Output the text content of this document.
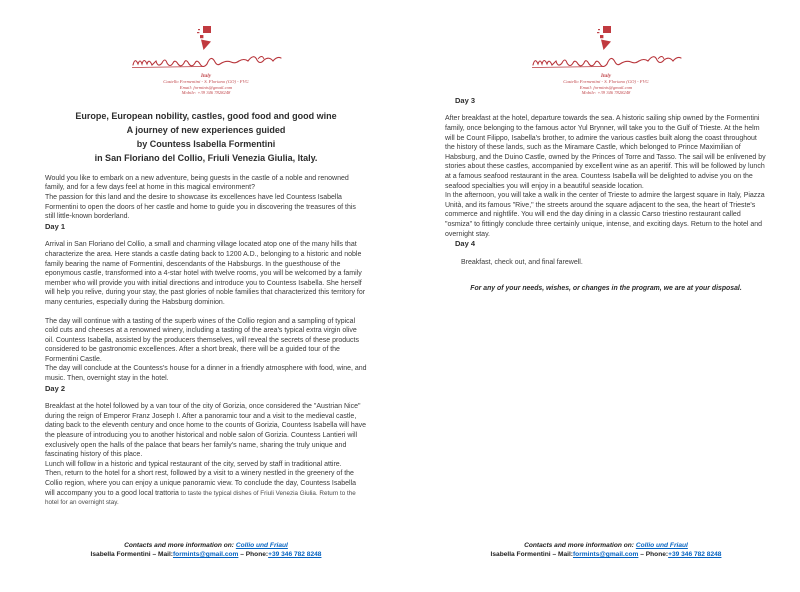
Italy
Castello Formentini - S. Floriano (GO) - FVG
Email: formints@gmail.com
Mobile: +39 346 7828248
Europe, European nobility, castles, good food and good wine
A journey of new experiences guided
by Countess Isabella Formentini
in San Floriano del Collio, Friuli Venezia Giulia, Italy.

Would you like to embark on a new adventure, being guests in the castle of a noble and renowned family, and for a few days feel at home in this magical environment?

The passion for this land and the desire to showcase its excellences have led Countess Isabella Formentini to open the doors of her castle and home to guide you in discovering the treasures of this still little-known borderland.

Day 1

Arrival in San Floriano del Collio, a small and charming village located atop one of the many hills that characterize the area. Here stands a castle dating back to 1200 A.D., belonging to a historic and noble family bearing the name of Formentini, descendants of the Habsburgs. In the guesthouse of the eponymous castle, transformed into a 4-star hotel with twelve rooms, you will be welcomed by a family member who will provide you with initial directions and introduce you to Countess Isabella. She herself will help you relive, during your stay, the past glories of noble families that characterized this territory for many centuries, especially during the Habsburg dominion.

The day will continue with a tasting of the superb wines of the Collio region and a sampling of typical cold cuts and cheeses at a renowned winery, including a tasting of the area's typical extra virgin olive oil. Countess Isabella, assisted by the producers themselves, will reveal the secrets of these products considered to be gastronomic excellences. After a short break, there will be a guided tour of the Formentini Castle.

The day will conclude at the Countess's house for a dinner in a friendly atmosphere with food, wine, and music. Then, overnight stay in the hotel.

Day 2

Breakfast at the hotel followed by a van tour of the city of Gorizia, once considered the "Austrian Nice" during the reign of Emperor Franz Joseph I. After a panoramic tour and a visit to the medieval castle, dating back to the eleventh century and once home to the counts of Gorizia, Countess Isabella will have the pleasure of introducing you to another historical and noble salon of Gorizia. Countess Lantieri will exclusively open the halls of the palace that bears her family's name, sharing the truly unique and fascinating history of this place.

Lunch will follow in a historic and typical restaurant of the city, served by staff in traditional attire.

Then, return to the hotel for a short rest, followed by a visit to a winery nestled in the greenery of the Collio region, where you can enjoy a unique panoramic view. To conclude the day, Countess Isabella will accompany you to a good local trattoria to taste the typical dishes of Friuli Venezia Giulia. Return to the hotel for an overnight stay.

Contacts and more information on: Collio und Friaul
Isabella Formentini – Mail:formints@gmail.com – Phone:+39 346 782 8248
Italy
Castello Formentini - S. Floriano (GO) - FVG
Email: formints@gmail.com
Mobile: +39 346 7828248

Day 3

After breakfast at the hotel, departure towards the sea. A historic sailing ship owned by the Formentini family, once belonging to the famous actor Yul Brynner, will take you to the Gulf of Trieste. At the helm will be Count Filippo, Isabella's brother, to admire the various castles built along the coast throughout the history of these lands, such as the Miramare Castle, which belonged to Prince Maximilian of Habsburg, and the Duino Castle, owned by the Princes of Torre and Tasso. The sail will be enlivened by stories about these castles, accompanied by excellent wine as an aperitif. This will be followed by lunch at a famous seafood restaurant in the area. Countess Isabella will be delighted to advise you on the seafood specialties you will enjoy in a beautiful seaside location.

In the afternoon, you will take a walk in the center of Trieste to admire the largest square in Italy, Piazza Unità, and its famous "Rive," the streets around the square adjacent to the sea, the heart of Trieste's commerce and nightlife. You will end the day dining in a classic Carso triestino restaurant called "osmiza" to fittingly conclude three certainly unique, intense, and exciting days. Return to the hotel and overnight stay.

Day 4

Breakfast, check out, and final farewell.

For any of your needs, wishes, or changes in the program, we are at your disposal.

Contacts and more information on: Collio und Friaul
Isabella Formentini – Mail:formints@gmail.com – Phone:+39 346 782 8248
